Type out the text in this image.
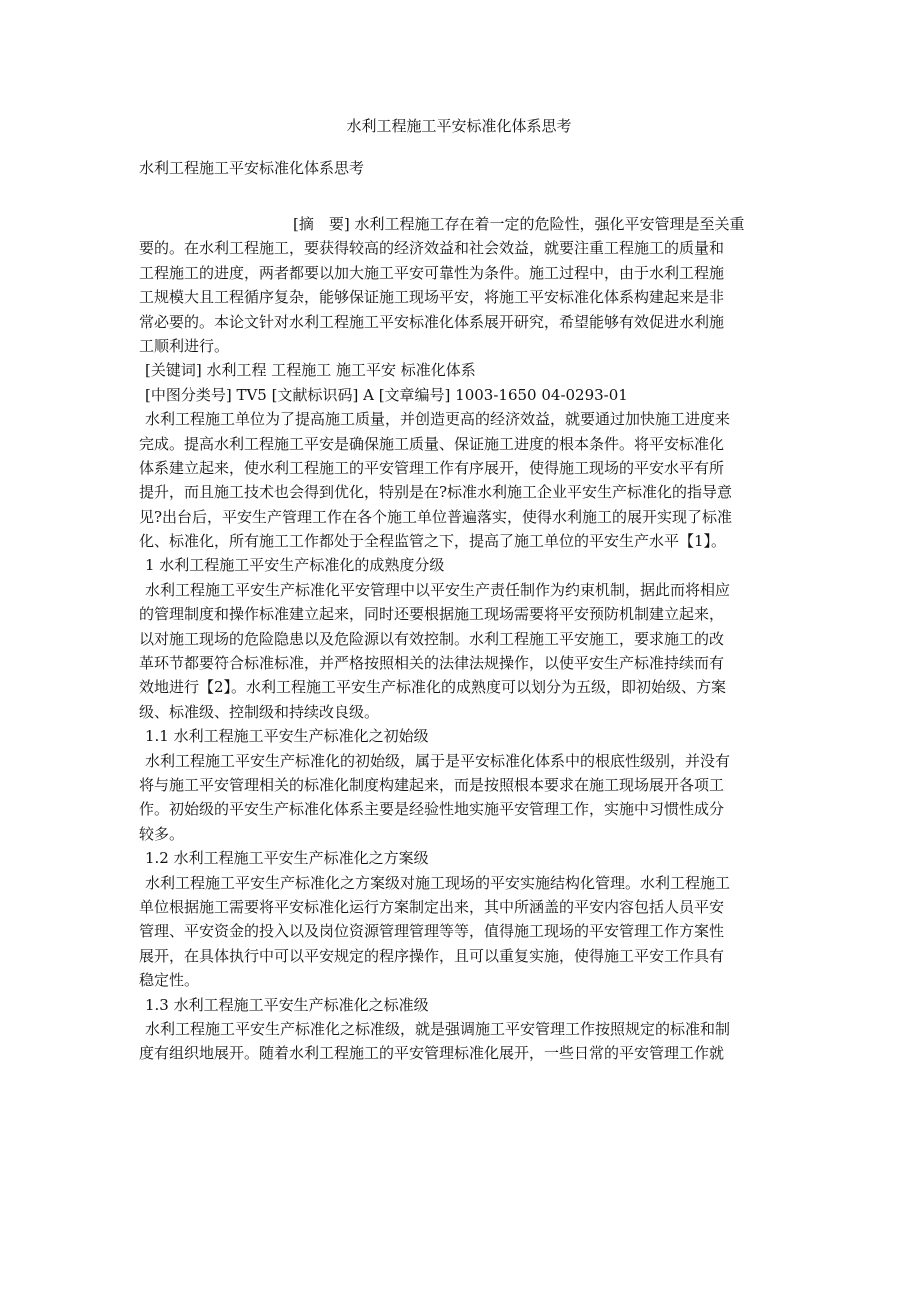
水利工程施工平安标准化体系思考
水利工程施工平安标准化体系思考
[摘　要] 水利工程施工存在着一定的危险性，强化平安管理是至关重
要的。在水利工程施工，要获得较高的经济效益和社会效益，就要注重工程施工的质量和
工程施工的进度，两者都要以加大施工平安可靠性为条件。施工过程中，由于水利工程施
工规模大且工程循序复杂，能够保证施工现场平安，将施工平安标准化体系构建起来是非
常必要的。本论文针对水利工程施工平安标准化体系展开研究，希望能够有效促进水利施
工顺利进行。
[关键词] 水利工程 工程施工 施工平安 标准化体系
[中图分类号] TV5 [文献标识码] A [文章编号] 1003-1650 04-0293-01
水利工程施工单位为了提高施工质量，并创造更高的经济效益，就要通过加快施工进度来
完成。提高水利工程施工平安是确保施工质量、保证施工进度的根本条件。将平安标准化
体系建立起来，使水利工程施工的平安管理工作有序展开，使得施工现场的平安水平有所
提升，而且施工技术也会得到优化，特别是在?标准水利施工企业平安生产标准化的指导意
见?出台后，平安生产管理工作在各个施工单位普遍落实，使得水利施工的展开实现了标准
化、标准化，所有施工工作都处于全程监管之下，提高了施工单位的平安生产水平【1】。
1 水利工程施工平安生产标准化的成熟度分级
水利工程施工平安生产标准化平安管理中以平安生产责任制作为约束机制，据此而将相应
的管理制度和操作标准建立起来，同时还要根据施工现场需要将平安预防机制建立起来，
以对施工现场的危险隐患以及危险源以有效控制。水利工程施工平安施工，要求施工的改
革环节都要符合标准标准，并严格按照相关的法律法规操作，以使平安生产标准持续而有
效地进行【2】。水利工程施工平安生产标准化的成熟度可以划分为五级，即初始级、方案
级、标准级、控制级和持续改良级。
1.1 水利工程施工平安生产标准化之初始级
水利工程施工平安生产标准化的初始级，属于是平安标准化体系中的根底性级别，并没有
将与施工平安管理相关的标准化制度构建起来，而是按照根本要求在施工现场展开各项工
作。初始级的平安生产标准化体系主要是经验性地实施平安管理工作，实施中习惯性成分
较多。
1.2 水利工程施工平安生产标准化之方案级
水利工程施工平安生产标准化之方案级对施工现场的平安实施结构化管理。水利工程施工
单位根据施工需要将平安标准化运行方案制定出来，其中所涵盖的平安内容包括人员平安
管理、平安资金的投入以及岗位资源管理管理等等，值得施工现场的平安管理工作方案性
展开，在具体执行中可以平安规定的程序操作，且可以重复实施，使得施工平安工作具有
稳定性。
1.3 水利工程施工平安生产标准化之标准级
水利工程施工平安生产标准化之标准级，就是强调施工平安管理工作按照规定的标准和制
度有组织地展开。随着水利工程施工的平安管理标准化展开，一些日常的平安管理工作就
